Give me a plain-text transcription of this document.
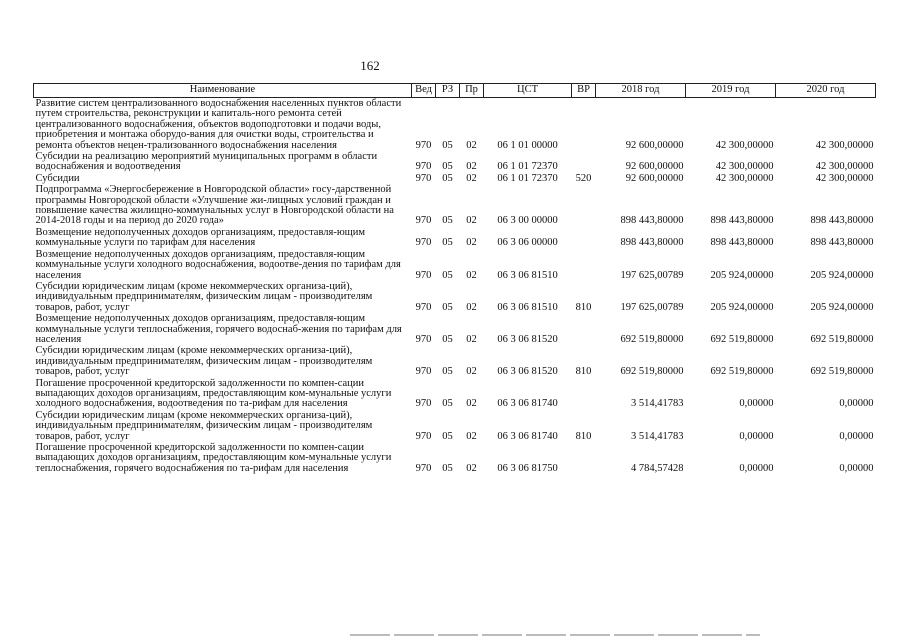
162
Наименование	Вед	РЗ	Пр	ЦСТ	ВР	2018 год	2019 год	2020 год
Развитие систем централизованного водоснабжения населенных пунктов области путем строительства, реконструкции и капиталь-ного ремонта сетей централизованного водоснабжения, объектов водоподготовки и подачи воды, приобретения и монтажа оборудо-вания для очистки воды, строительства и ремонта объектов нецен-трализованного водоснабжения населения	970	05	02	06 1 01 00000		92 600,00000	42 300,00000	42 300,00000
Субсидии на реализацию мероприятий муниципальных программ в области водоснабжения и водоотведения	970	05	02	06 1 01 72370		92 600,00000	42 300,00000	42 300,00000
Субсидии	970	05	02	06 1 01 72370	520	92 600,00000	42 300,00000	42 300,00000
Подпрограмма «Энергосбережение в Новгородской области» госу-дарственной программы Новгородской области «Улучшение жи-лищных условий граждан и повышение качества жилищно-коммунальных услуг в Новгородской области на 2014-2018 годы и на период до 2020 года»	970	05	02	06 3 00 00000		898 443,80000	898 443,80000	898 443,80000
Возмещение недополученных доходов организациям, предоставля-ющим коммунальные услуги по тарифам для населения	970	05	02	06 3 06 00000		898 443,80000	898 443,80000	898 443,80000
Возмещение недополученных доходов организациям, предоставля-ющим коммунальные услуги холодного водоснабжения, водоотве-дения по тарифам для населения	970	05	02	06 3 06 81510		197 625,00789	205 924,00000	205 924,00000
Субсидии юридическим лицам (кроме некоммерческих организа-ций), индивидуальным предпринимателям, физическим лицам - производителям товаров, работ, услуг	970	05	02	06 3 06 81510	810	197 625,00789	205 924,00000	205 924,00000
Возмещение недополученных доходов организациям, предоставля-ющим коммунальные услуги теплоснабжения, горячего водоснаб-жения по тарифам для населения	970	05	02	06 3 06 81520		692 519,80000	692 519,80000	692 519,80000
Субсидии юридическим лицам (кроме некоммерческих организа-ций), индивидуальным предпринимателям, физическим лицам - производителям товаров, работ, услуг	970	05	02	06 3 06 81520	810	692 519,80000	692 519,80000	692 519,80000
Погашение просроченной кредиторской задолженности по компен-сации выпадающих доходов организациям, предоставляющим ком-мунальные услуги холодного водоснабжения, водоотведения по та-рифам для населения	970	05	02	06 3 06 81740		3 514,41783	0,00000	0,00000
Субсидии юридическим лицам (кроме некоммерческих организа-ций), индивидуальным предпринимателям, физическим лицам - производителям товаров, работ, услуг	970	05	02	06 3 06 81740	810	3 514,41783	0,00000	0,00000
Погашение просроченной кредиторской задолженности по компен-сации выпадающих доходов организациям, предоставляющим ком-мунальные услуги теплоснабжения, горячего водоснабжения по та-рифам для населения	970	05	02	06 3 06 81750		4 784,57428	0,00000	0,00000
